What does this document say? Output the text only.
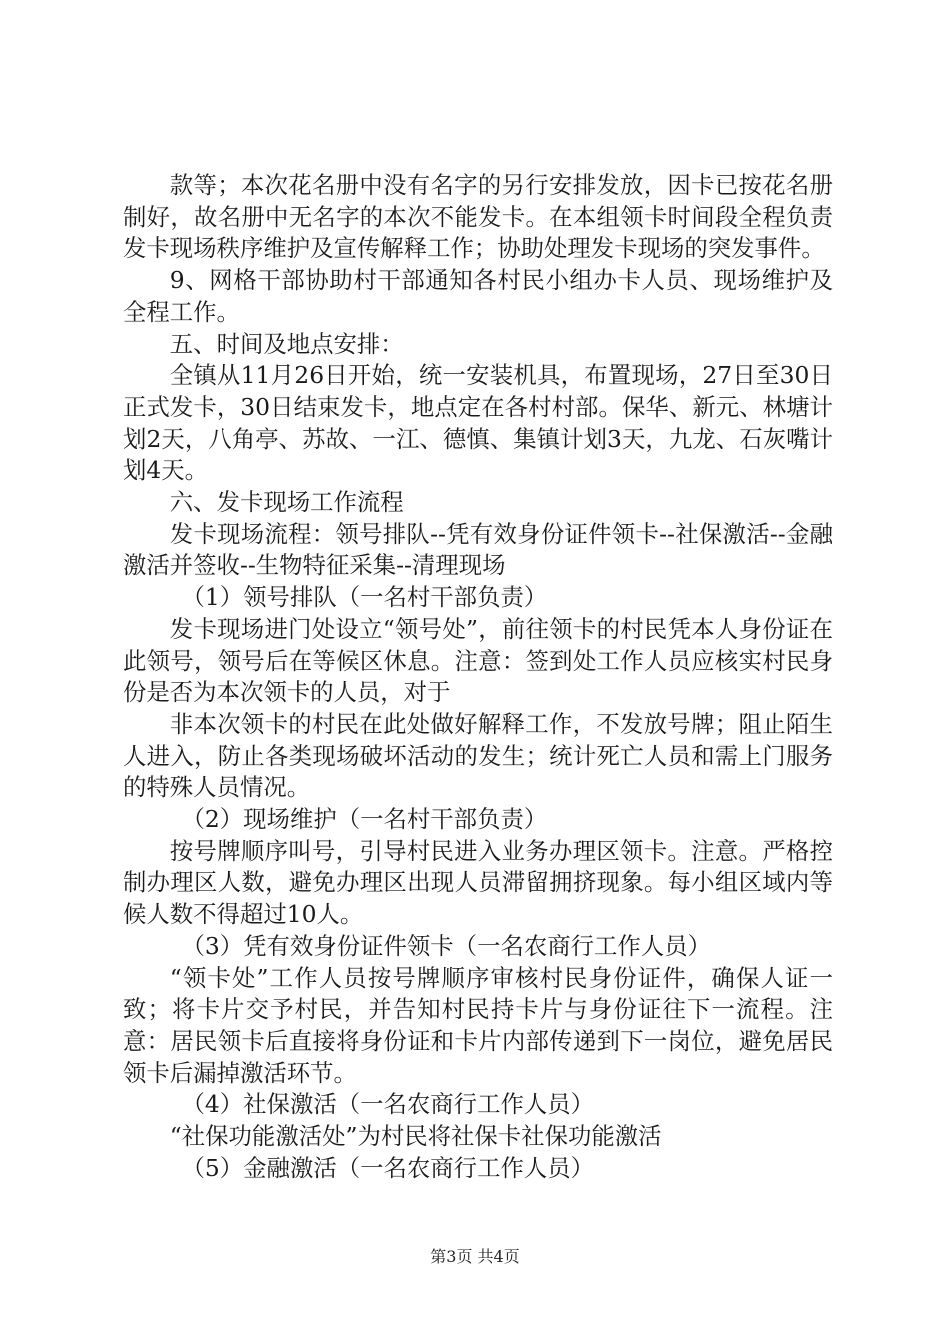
款等；本次花名册中没有名字的另行安排发放，因卡已按花名册制好，故名册中无名字的本次不能发卡。在本组领卡时间段全程负责发卡现场秩序维护及宣传解释工作；协助处理发卡现场的突发事件。

9、网格干部协助村干部通知各村民小组办卡人员、现场维护及全程工作。

五、时间及地点安排：

全镇从11月26日开始，统一安装机具，布置现场，27日至30日正式发卡，30日结束发卡，地点定在各村村部。保华、新元、林塘计划2天，八角亭、苏故、一江、德慎、集镇计划3天，九龙、石灰嘴计划4天。

六、发卡现场工作流程

发卡现场流程：领号排队--凭有效身份证件领卡--社保激活--金融激活并签收--生物特征采集--清理现场

（1）领号排队（一名村干部负责）

发卡现场进门处设立“领号处”，前往领卡的村民凭本人身份证在此领号，领号后在等候区休息。注意：签到处工作人员应核实村民身份是否为本次领卡的人员，对于

非本次领卡的村民在此处做好解释工作，不发放号牌；阻止陌生人进入，防止各类现场破坏活动的发生；统计死亡人员和需上门服务的特殊人员情况。

（2）现场维护（一名村干部负责）

按号牌顺序叫号，引导村民进入业务办理区领卡。注意。严格控制办理区人数，避免办理区出现人员滞留拥挤现象。每小组区域内等候人数不得超过10人。

（3）凭有效身份证件领卡（一名农商行工作人员）

“领卡处”工作人员按号牌顺序审核村民身份证件，确保人证一致；将卡片交予村民，并告知村民持卡片与身份证往下一流程。注意：居民领卡后直接将身份证和卡片内部传递到下一岗位，避免居民领卡后漏掉激活环节。

（4）社保激活（一名农商行工作人员）

“社保功能激活处”为村民将社保卡社保功能激活

（5）金融激活（一名农商行工作人员）

第3页 共4页
